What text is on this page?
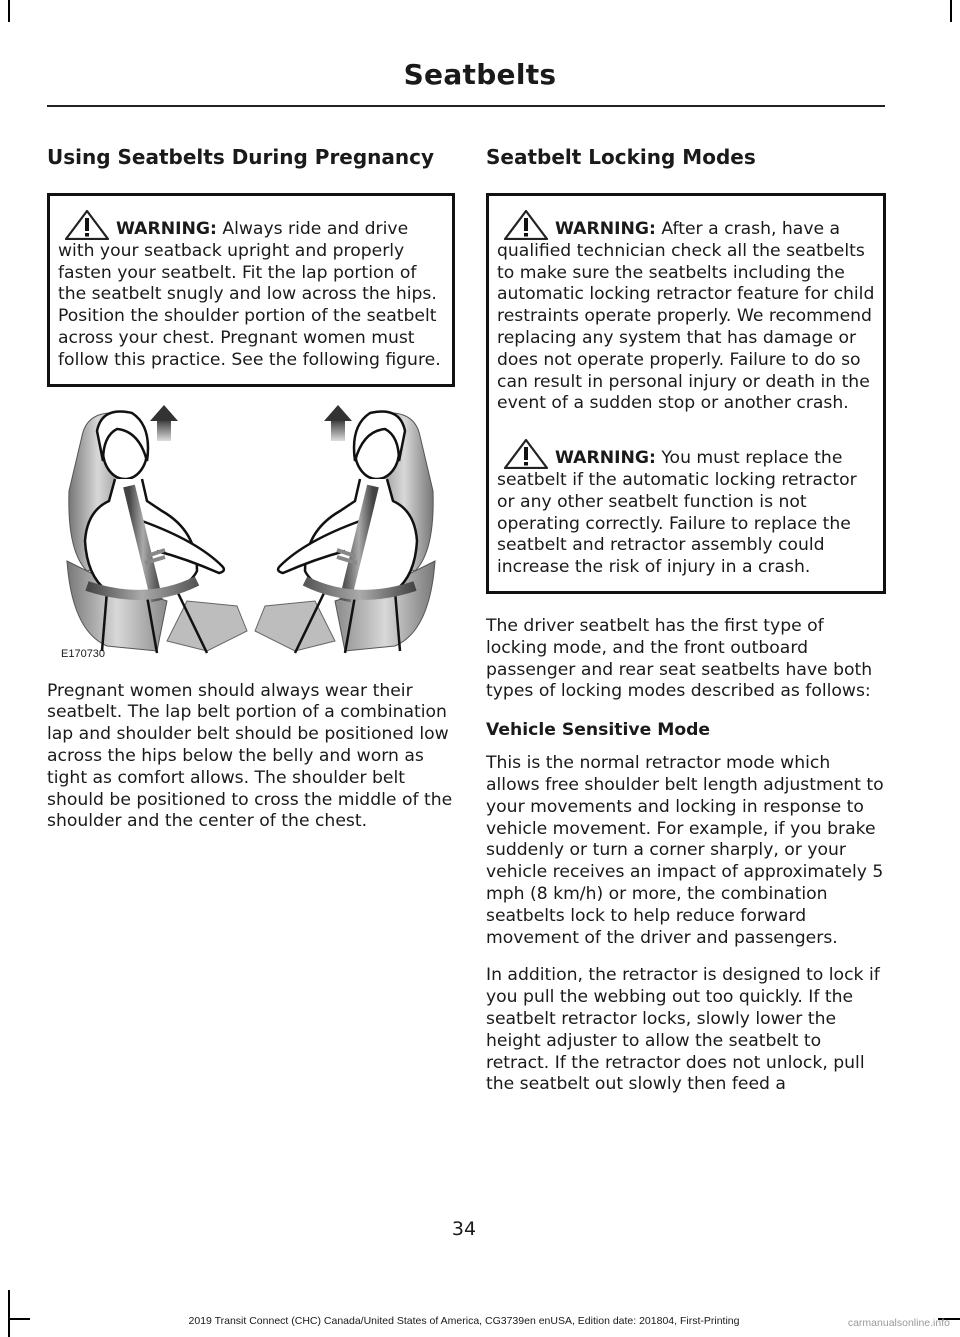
Seatbelts
Using Seatbelts During Pregnancy

WARNING: Always ride and drive with your seatback upright and properly fasten your seatbelt. Fit the lap portion of the seatbelt snugly and low across the hips. Position the shoulder portion of the seatbelt across your chest. Pregnant women must follow this practice. See the following figure.

E170730

Pregnant women should always wear their seatbelt. The lap belt portion of a combination lap and shoulder belt should be positioned low across the hips below the belly and worn as tight as comfort allows. The shoulder belt should be positioned to cross the middle of the shoulder and the center of the chest.

Seatbelt Locking Modes

WARNING: After a crash, have a qualified technician check all the seatbelts to make sure the seatbelts including the automatic locking retractor feature for child restraints operate properly. We recommend replacing any system that has damage or does not operate properly. Failure to do so can result in personal injury or death in the event of a sudden stop or another crash.

WARNING: You must replace the seatbelt if the automatic locking retractor or any other seatbelt function is not operating correctly. Failure to replace the seatbelt and retractor assembly could increase the risk of injury in a crash.

The driver seatbelt has the first type of locking mode, and the front outboard passenger and rear seat seatbelts have both types of locking modes described as follows:

Vehicle Sensitive Mode

This is the normal retractor mode which allows free shoulder belt length adjustment to your movements and locking in response to vehicle movement. For example, if you brake suddenly or turn a corner sharply, or your vehicle receives an impact of approximately 5 mph (8 km/h) or more, the combination seatbelts lock to help reduce forward movement of the driver and passengers.

In addition, the retractor is designed to lock if you pull the webbing out too quickly. If the seatbelt retractor locks, slowly lower the height adjuster to allow the seatbelt to retract. If the retractor does not unlock, pull the seatbelt out slowly then feed a

34
2019 Transit Connect (CHC) Canada/United States of America, CG3739en enUSA, Edition date: 201804, First-Printing	carmanualsonline.info
